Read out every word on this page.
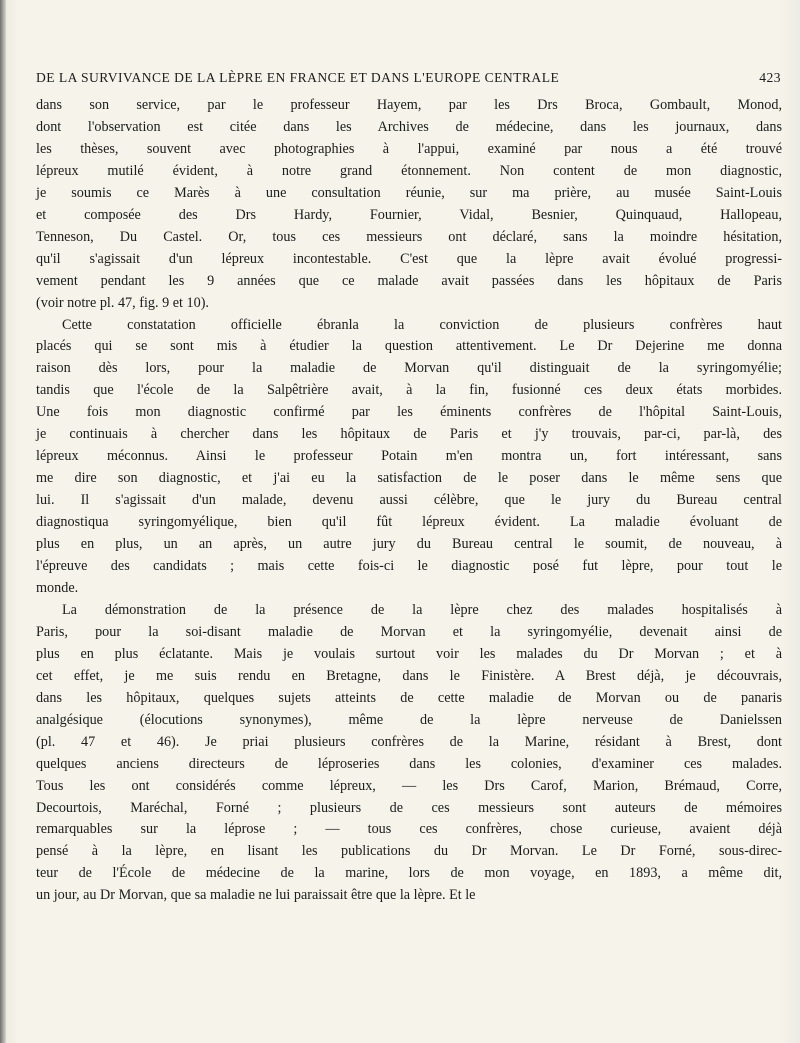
DE LA SURVIVANCE DE LA LÈPRE EN FRANCE ET DANS L'EUROPE CENTRALE	423

dans son service, par le professeur Hayem, par les Drs Broca, Gombault, Monod,
dont l'observation est citée dans les Archives de médecine, dans les journaux, dans
les thèses, souvent avec photographies à l'appui, examiné par nous a été trouvé
lépreux mutilé évident, à notre grand étonnement. Non content de mon diagnostic,
je soumis ce Marès à une consultation réunie, sur ma prière, au musée Saint-Louis
et composée des Drs Hardy, Fournier, Vidal, Besnier, Quinquaud, Hallopeau,
Tenneson, Du Castel. Or, tous ces messieurs ont déclaré, sans la moindre hésitation,
qu'il s'agissait d'un lépreux incontestable. C'est que la lèpre avait évolué progressi-
vement pendant les 9 années que ce malade avait passées dans les hôpitaux de Paris
(voir notre pl. 47, fig. 9 et 10).

Cette constatation officielle ébranla la conviction de plusieurs confrères haut
placés qui se sont mis à étudier la question attentivement. Le Dr Dejerine me donna
raison dès lors, pour la maladie de Morvan qu'il distinguait de la syringomyélie;
tandis que l'école de la Salpêtrière avait, à la fin, fusionné ces deux états morbides.
Une fois mon diagnostic confirmé par les éminents confrères de l'hôpital Saint-Louis,
je continuais à chercher dans les hôpitaux de Paris et j'y trouvais, par-ci, par-là, des
lépreux méconnus. Ainsi le professeur Potain m'en montra un, fort intéressant, sans
me dire son diagnostic, et j'ai eu la satisfaction de le poser dans le même sens que
lui. Il s'agissait d'un malade, devenu aussi célèbre, que le jury du Bureau central
diagnostiqua syringomyélique, bien qu'il fût lépreux évident. La maladie évoluant de
plus en plus, un an après, un autre jury du Bureau central le soumit, de nouveau, à
l'épreuve des candidats ; mais cette fois-ci le diagnostic posé fut lèpre, pour tout le
monde.

La démonstration de la présence de la lèpre chez des malades hospitalisés à
Paris, pour la soi-disant maladie de Morvan et la syringomyélie, devenait ainsi de
plus en plus éclatante. Mais je voulais surtout voir les malades du Dr Morvan ; et à
cet effet, je me suis rendu en Bretagne, dans le Finistère. A Brest déjà, je découvrais,
dans les hôpitaux, quelques sujets atteints de cette maladie de Morvan ou de panaris
analgésique (élocutions synonymes), même de la lèpre nerveuse de Danielssen
(pl. 47 et 46). Je priai plusieurs confrères de la Marine, résidant à Brest, dont
quelques anciens directeurs de léproseries dans les colonies, d'examiner ces malades.
Tous les ont considérés comme lépreux, — les Drs Carof, Marion, Brémaud, Corre,
Decourtois, Maréchal, Forné ; plusieurs de ces messieurs sont auteurs de mémoires
remarquables sur la léprose ; — tous ces confrères, chose curieuse, avaient déjà
pensé à la lèpre, en lisant les publications du Dr Morvan. Le Dr Forné, sous-direc-
teur de l'École de médecine de la marine, lors de mon voyage, en 1893, a même dit,
un jour, au Dr Morvan, que sa maladie ne lui paraissait être que la lèpre. Et le
